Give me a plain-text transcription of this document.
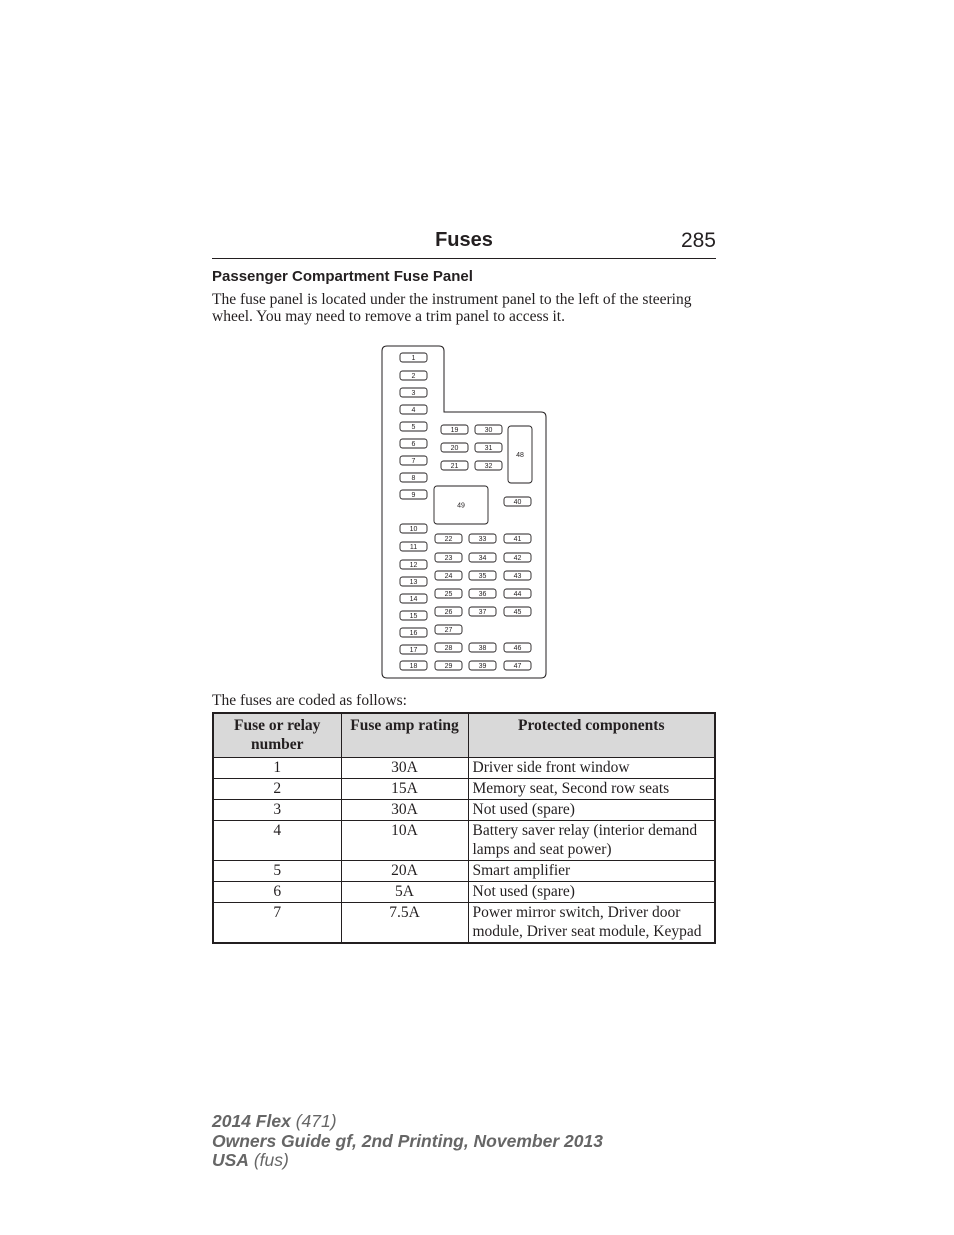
Fuses	285
Passenger Compartment Fuse Panel
The fuse panel is located under the instrument panel to the left of the steering wheel. You may need to remove a trim panel to access it.
1
2
3
4
5
6
7
8
9
10
11
12
13
14
15
16
17
18
19	30
20	31
21	32
48
49	40
22
23
24
25
26
27
28
29
33
34
35
36
37
38
39
41
42
43
44
45
46
47
The fuses are coded as follows:
Fuse or relay number	Fuse amp rating	Protected components
1	30A	Driver side front window
2	15A	Memory seat, Second row seats
3	30A	Not used (spare)
4	10A	Battery saver relay (interior demand lamps and seat power)
5	20A	Smart amplifier
6	5A	Not used (spare)
7	7.5A	Power mirror switch, Driver door module, Driver seat module, Keypad
2014 Flex (471)
Owners Guide gf, 2nd Printing, November 2013
USA (fus)
